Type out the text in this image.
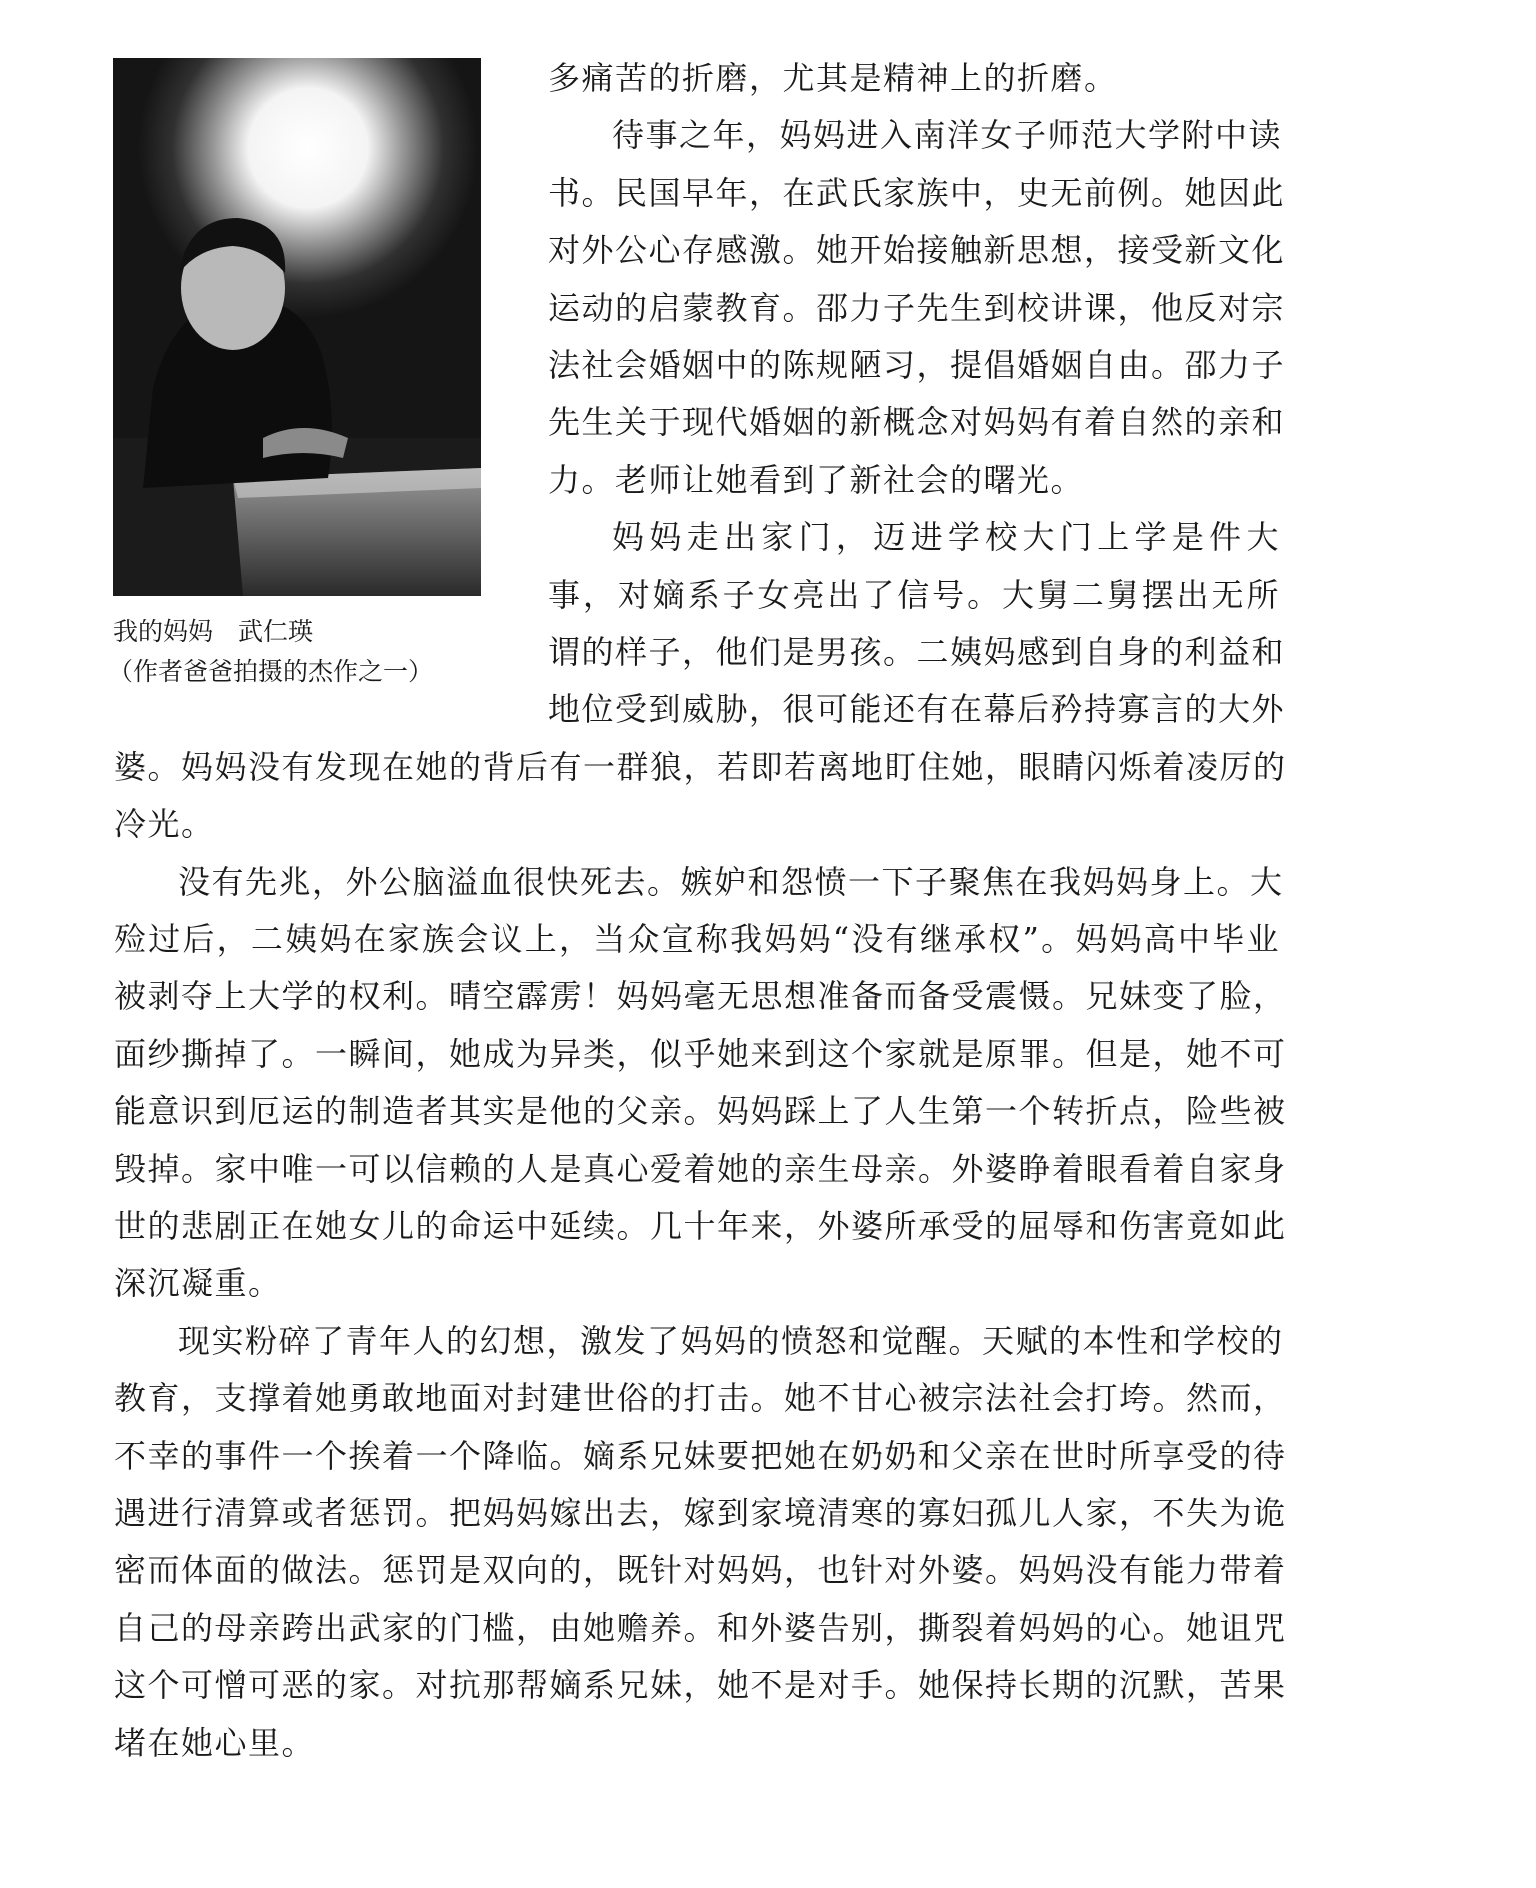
我的妈妈　武仁瑛
（作者爸爸拍摄的杰作之一）
多痛苦的折磨，尤其是精神上的折磨。
待事之年，妈妈进入南洋女子师范大学附中读
书。民国早年，在武氏家族中，史无前例。她因此
对外公心存感激。她开始接触新思想，接受新文化
运动的启蒙教育。邵力子先生到校讲课，他反对宗
法社会婚姻中的陈规陋习，提倡婚姻自由。邵力子
先生关于现代婚姻的新概念对妈妈有着自然的亲和
力。老师让她看到了新社会的曙光。
妈妈走出家门，迈进学校大门上学是件大
事，对嫡系子女亮出了信号。大舅二舅摆出无所
谓的样子，他们是男孩。二姨妈感到自身的利益和
地位受到威胁，很可能还有在幕后矜持寡言的大外
婆。妈妈没有发现在她的背后有一群狼，若即若离地盯住她，眼睛闪烁着凌厉的
冷光。
没有先兆，外公脑溢血很快死去。嫉妒和怨愤一下子聚焦在我妈妈身上。大
殓过后，二姨妈在家族会议上，当众宣称我妈妈“没有继承权”。妈妈高中毕业
被剥夺上大学的权利。晴空霹雳！妈妈毫无思想准备而备受震慑。兄妹变了脸，
面纱撕掉了。一瞬间，她成为异类，似乎她来到这个家就是原罪。但是，她不可
能意识到厄运的制造者其实是他的父亲。妈妈踩上了人生第一个转折点，险些被
毁掉。家中唯一可以信赖的人是真心爱着她的亲生母亲。外婆睁着眼看着自家身
世的悲剧正在她女儿的命运中延续。几十年来，外婆所承受的屈辱和伤害竟如此
深沉凝重。
现实粉碎了青年人的幻想，激发了妈妈的愤怒和觉醒。天赋的本性和学校的
教育，支撑着她勇敢地面对封建世俗的打击。她不甘心被宗法社会打垮。然而，
不幸的事件一个挨着一个降临。嫡系兄妹要把她在奶奶和父亲在世时所享受的待
遇进行清算或者惩罚。把妈妈嫁出去，嫁到家境清寒的寡妇孤儿人家，不失为诡
密而体面的做法。惩罚是双向的，既针对妈妈，也针对外婆。妈妈没有能力带着
自己的母亲跨出武家的门槛，由她赡养。和外婆告别，撕裂着妈妈的心。她诅咒
这个可憎可恶的家。对抗那帮嫡系兄妹，她不是对手。她保持长期的沉默，苦果
堵在她心里。
